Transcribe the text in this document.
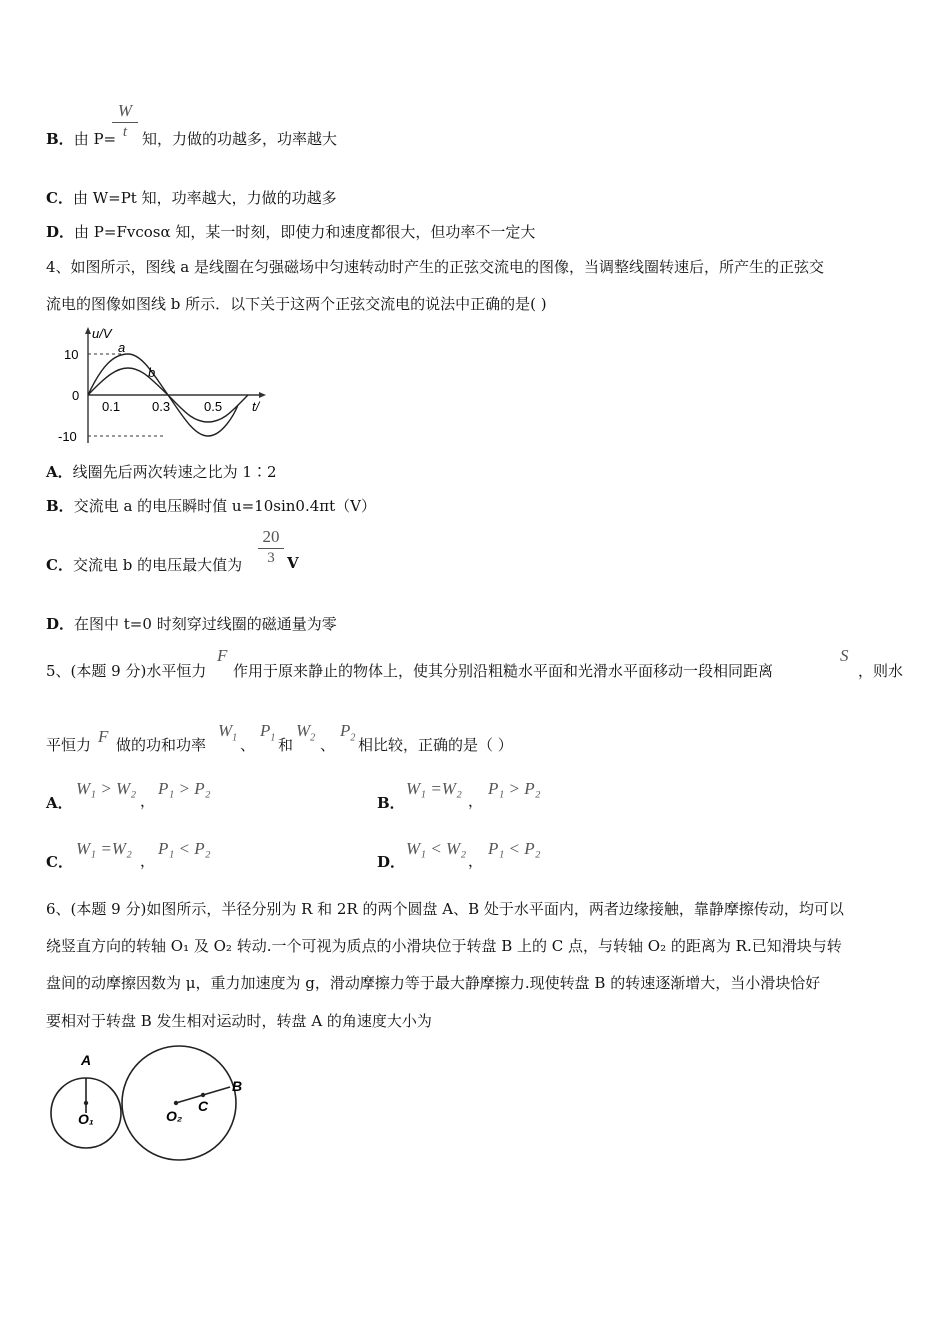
B．由 P=
W
t 知，力做的功越多，功率越大
C．由 W=Pt 知，功率越大，力做的功越多
D．由 P=Fvcosα 知，某一时刻，即使力和速度都很大，但功率不一定大
4、如图所示，图线 a 是线圈在匀强磁场中匀速转动时产生的正弦交流电的图像，当调整线圈转速后，所产生的正弦交
流电的图像如图线 b 所示．以下关于这两个正弦交流电的说法中正确的是( )
u/V
a
b
10
0
-10
0.1 0.3	0.5 t/
A．线圈先后两次转速之比为 1∶2
B．交流电 a 的电压瞬时值 u=10sin0.4πt（V）
C．交流电 b 的电压最大值为
20
3 V
D．在图中 t=0 时刻穿过线圈的磁通量为零
5、(本题 9 分)水平恒力
F
作用于原来静止的物体上，使其分别沿粗糙水平面和光滑水平面移动一段相同距离
S
，则水
平恒力 F 做的功和功率
$W_1$ 、
$P_1$ 和
$W_2$ 、
$P_2$ 相比较，正确的是（ ）
A．
W₁ > W₂
，
P₁ > P₂
B．
W₁ =W₂
，
P₁ > P₂
C．
W₁ =W₂
，
P₁ < P₂
D．
W₁ < W₂
，
P₁ < P₂
6、(本题 9 分)如图所示，半径分别为 R 和 2R 的两个圆盘 A、B 处于水平面内，两者边缘接触，靠静摩擦传动，均可以
绕竖直方向的转轴 O₁ 及 O₂ 转动.一个可视为质点的小滑块位于转盘 B 上的 C 点，与转轴 O₂ 的距离为 R.已知滑块与转
盘间的动摩擦因数为 μ，重力加速度为 g，滑动摩擦力等于最大静摩擦力.现使转盘 B 的转速逐渐增大，当小滑块恰好
要相对于转盘 B 发生相对运动时，转盘 A 的角速度大小为
A
B
C
O₁	O₂
